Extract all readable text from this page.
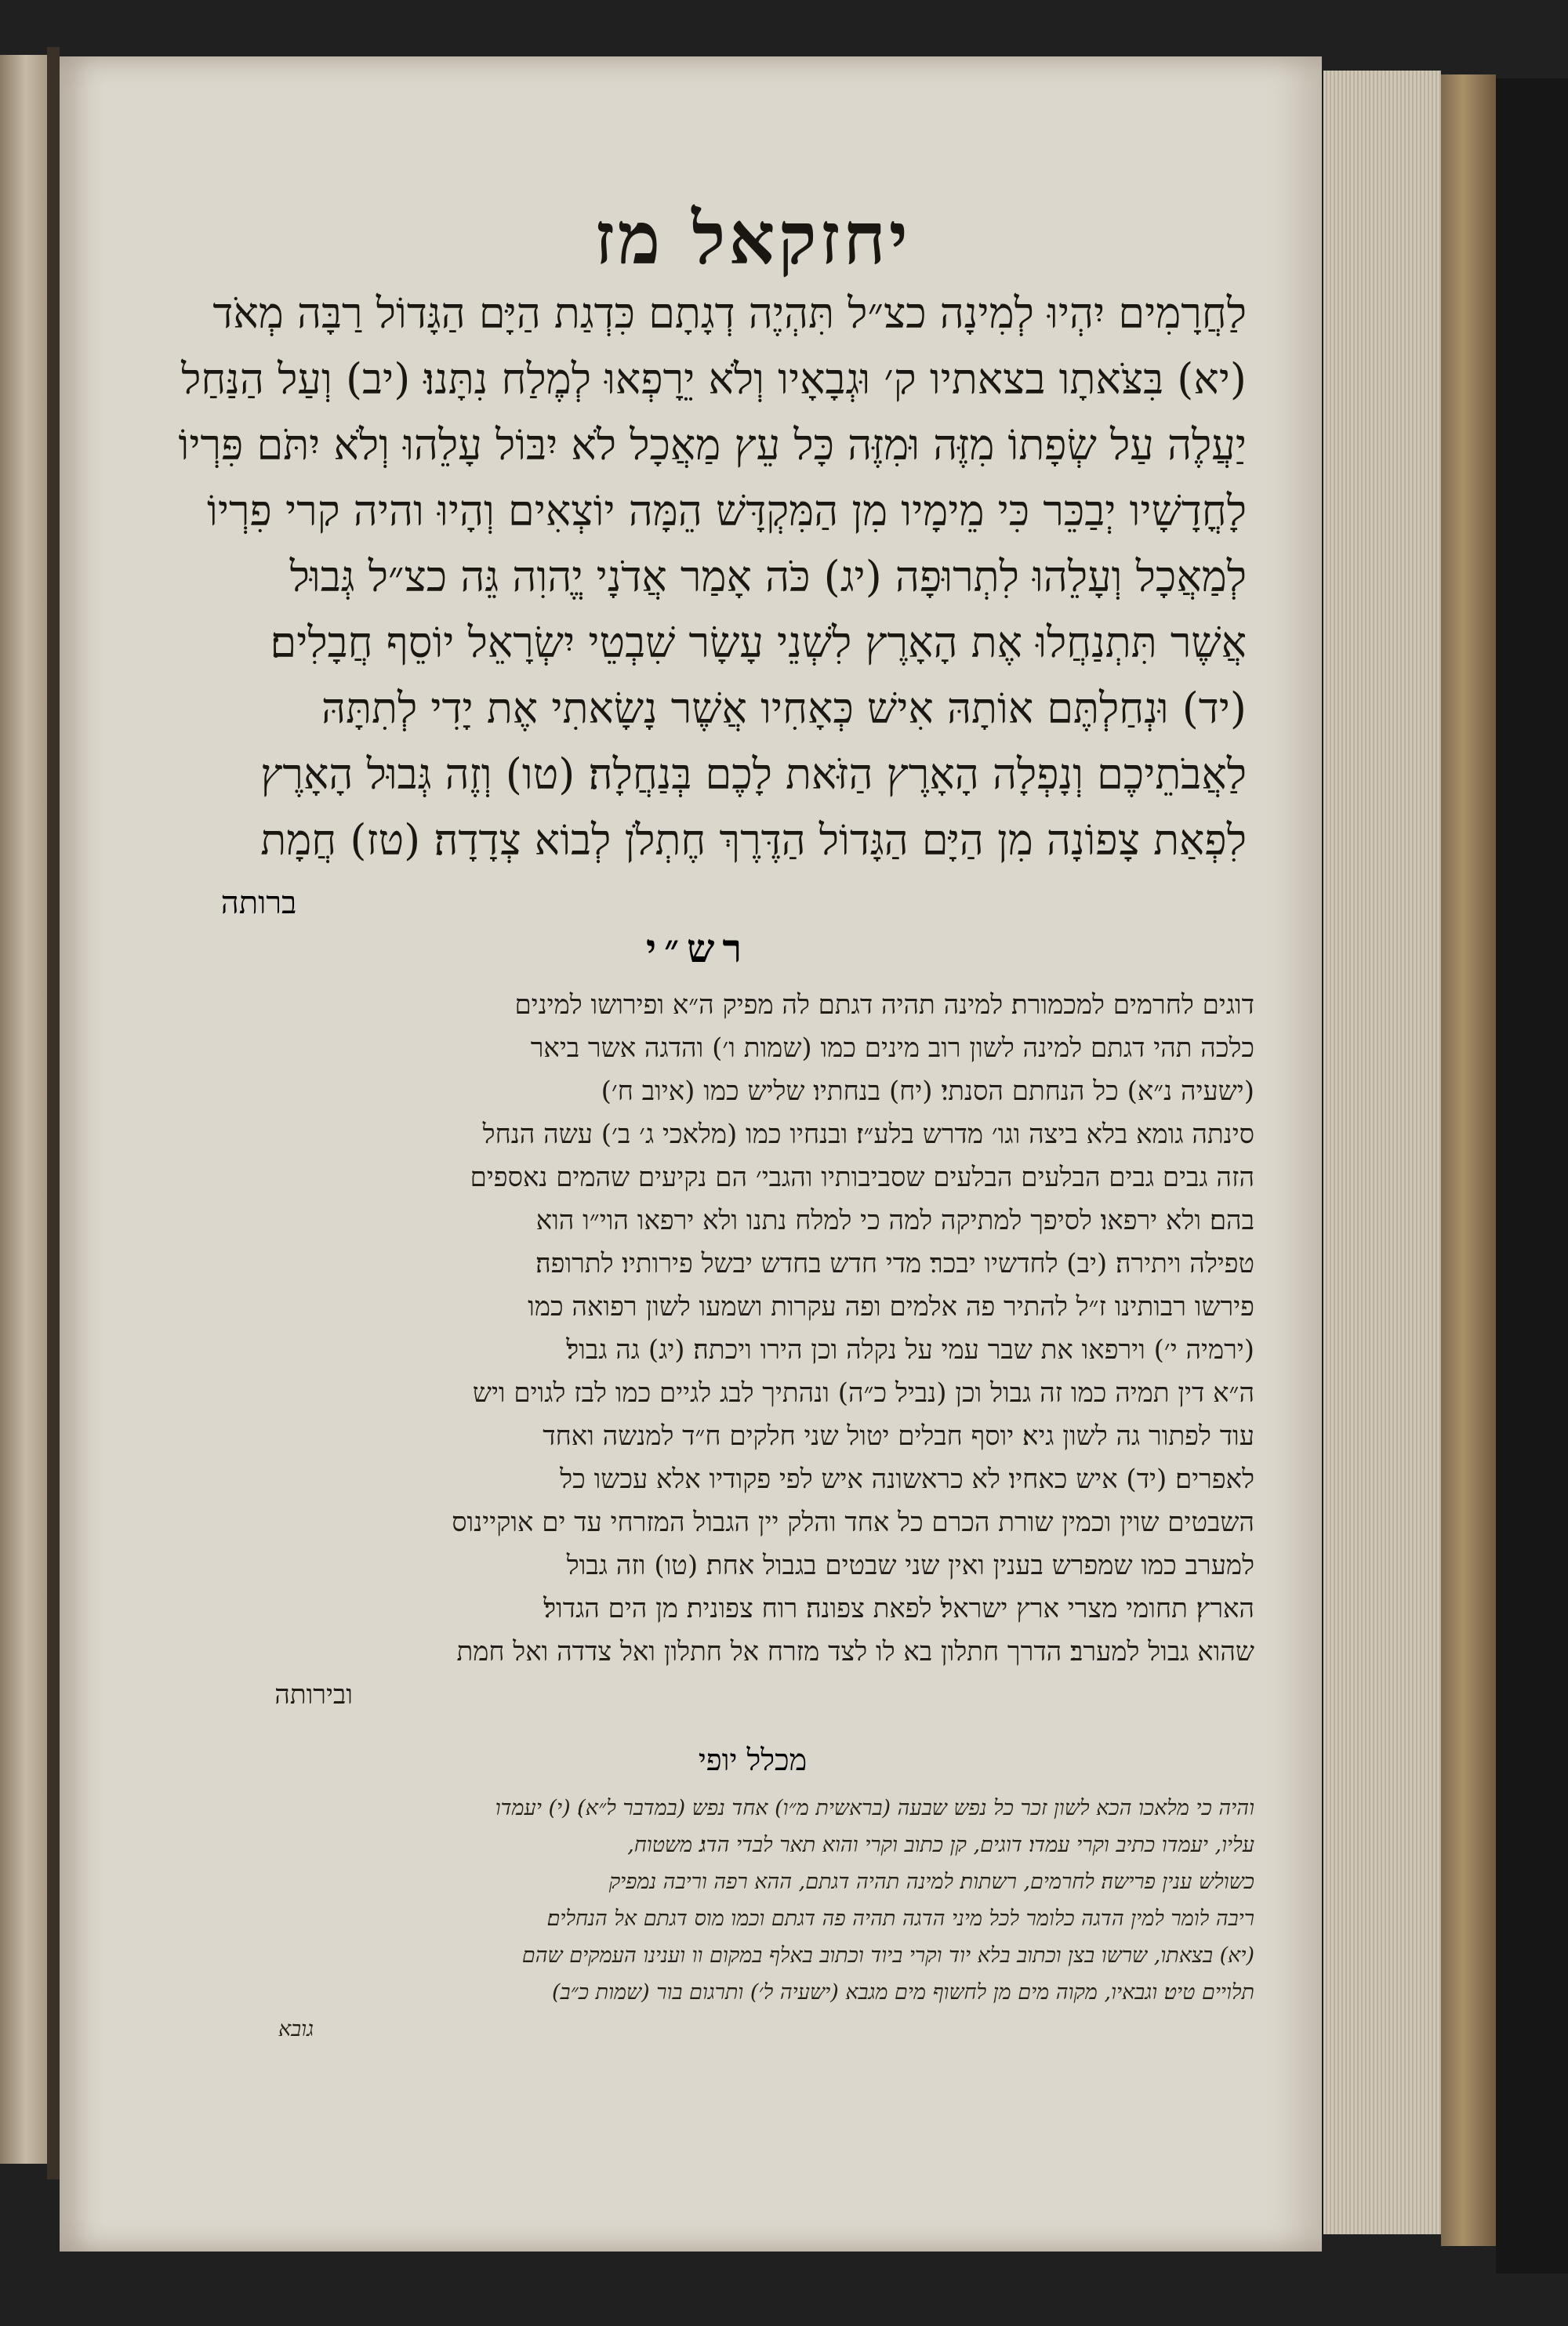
יחזקאל מז
לַחֲרָמִים יִהְיוּ לְמִינָה כצ״ל תִּהְיֶה דְגָתָם כִּדְגַת הַיָּם הַגָּדוֹל רַבָּה מְאֹד
(יא) בִּצֹּאתָו בצאתיו ק׳ וּגְבָאָיו וְלֹא יֵרָפְאוּ לְמֶלַח נִתָּנוּ׃ (יב) וְעַל הַנַּחַל
יַעֲלֶה עַל שְׂפָתוֹ מִזֶּה וּמִזֶּה כָּל עֵץ מַאֲכָל לֹא יִבּוֹל עָלֵהוּ וְלֹא יִתֹּם פִּרְיוֹ
לָחֳדָשָׁיו יְבַכֵּר כִּי מֵימָיו מִן הַמִּקְדָּשׁ הֵמָּה יוֹצְאִים וְהָיוּ והיה קרי פִרְיוֹ
לְמַאֲכָל וְעָלֵהוּ לִתְרוּפָה (יג) כֹּה אָמַר אֲדֹנָי יֱהוִה גֵּה כצ״ל גְּבוּל
אֲשֶׁר תִּתְנַחֲלוּ אֶת הָאָרֶץ לִשְׁנֵי עָשָׂר שִׁבְטֵי יִשְׂרָאֵל יוֹסֵף חֲבָלִים׃
(יד) וּנְחַלְתֶּם אוֹתָהּ אִישׁ כְּאָחִיו אֲשֶׁר נָשָׂאתִי אֶת יָדִי לְתִתָּהּ
לַאֲבֹתֵיכֶם וְנָפְלָה הָאָרֶץ הַזֹּאת לָכֶם בְּנַחֲלָה׃ (טו) וְזֶה גְּבוּל הָאָרֶץ
לִפְאַת צָפוֹנָה מִן הַיָּם הַגָּדוֹל הַדֶּרֶךְ חֶתְלֹן לְבוֹא צְדָדָה׃ (טז) חֲמָת
ברותה
רש״י
דוגים לחרמים למכמורת׃ למינה תהיה דגתם לה מפיק ה״א ופירושו למינים
כלכה תהי דגתם למינה לשון רוב מינים כמו (שמות ו׳) והדגה אשר ביאר
(ישעיה נ״א) כל הנחתם הסנתי׃ (יח) בנחתיו׃ שליש כמו (איוב ח׳)
סינתה גומא בלא ביצה וגו׳ מדרש בלע״ז׃ ובנחיו כמו (מלאכי ג׳ ב׳) עשה הנחל
הזה גבים גבים הבלעים הבלעים שסביבותיו והגבי׳ הם נקיעים שהמים נאספים
בהם׃ ולא ירפאו׃ לסיפך למתיקה למה כי למלח נתנו ולא ירפאו הוי״ו הוא
טפילה ויתירה׃ (יב) לחדשיו יבכר׃ מדי חדש בחדש יבשל פירותיו׃ לתרופה׃
פירשו רבותינו ז״ל להתיר פה אלמים ופה עקרות ושמעו לשון רפואה כמו
(ירמיה י׳) וירפאו את שבר עמי על נקלה וכן הירו ויכתה׃ (יג) גה גבול׃
ה״א דין תמיה כמו זה גבול וכן (נביל כ״ה) ונהתיך לבג לגיים כמו לבז לגוים ויש
עוד לפתור גה לשון גיא׃ יוסף חבלים יטול שני חלקים ח״ד למנשה ואחד
לאפרים׃ (יד) איש כאחיו׃ לא כראשונה איש לפי פקודיו אלא עכשו כל
השבטים שוין וכמין שורת הכרם כל אחד והלק יין הגבול המזרחי עד ים אוקיינוס
למערב כמו שמפרש בענין ואין שני שבטים בגבול אחת׃ (טו) וזה גבול
הארץ׃ תחומי מצרי ארץ ישראל׃ לפאת צפונה׃ רוח צפונית׃ מן הים הגדול׃
שהוא גבול למערב׃ הדרך חתלון בא לו לצד מזרח אל חתלון ואל צדדה ואל חמת
ובירותה
מכלל יופי
והיה כי מלאכו הכא לשון זכר כל נפש שבעה (בראשית מ״ו) אחד נפש (במדבר ל״א)׃ (י) יעמדו
עליו, יעמדו כתיב וקרי עמדו׃ דוגים, קן כתוב וקרי והוא תאר לבדי הדג׃ משטוח,
כשולש ענין פרישה׃ לחרמים, רשתות׃ למינה תהיה דגתם, ההא רפה וריבה נמפיק
ריבה לומר למין הדגה כלומר לכל מיני הדגה תהיה פה דגתם וכמו מוס דגתם אל הנחלים׃
(יא) בצאתו, שרשו בצן וכתוב בלא יוד וקרי ביוד וכתוב באלף במקום וו וענינו העמקים שהם
תלויים טיט׃ וגבאיו, מקוה מים מן לחשוף מים מגבא (ישעיה ל׳) ותרגום בור (שמות כ״ב)
גובא
